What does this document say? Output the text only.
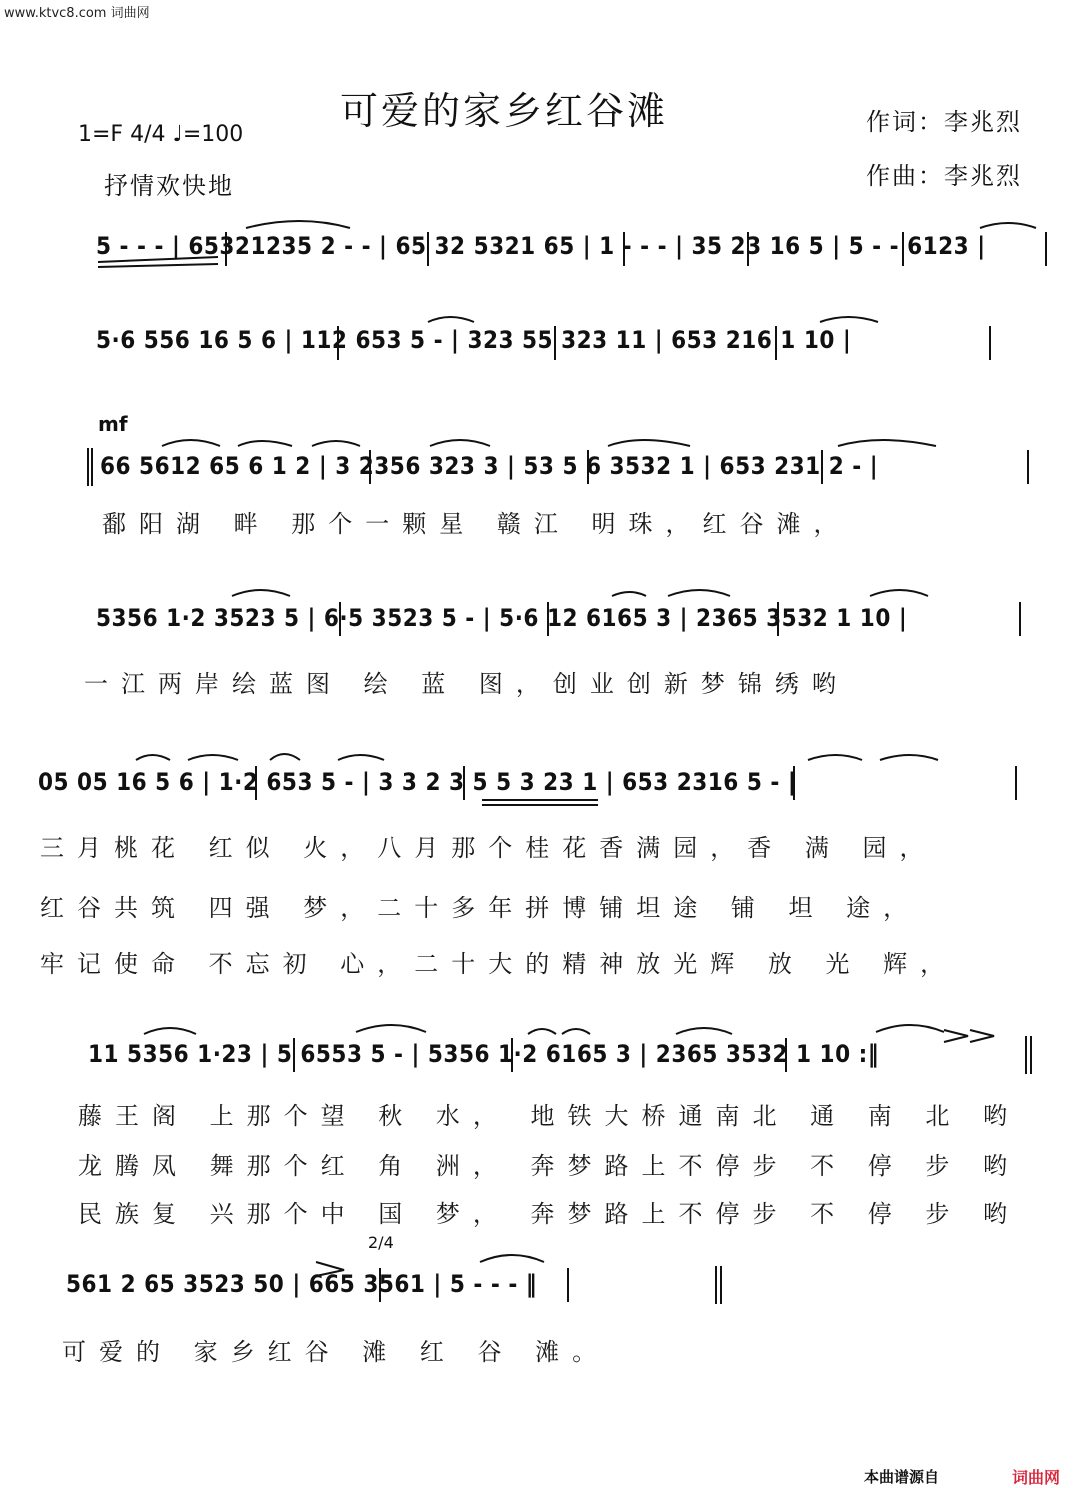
www.ktvc8.com 词曲网
可爱的家乡红谷滩	作词：李兆烈
作曲：李兆烈
1=F 4/4 ♩=100
抒情欢快地
mf
2/4
5 - - - | 65321235 2 - - | 65 32 5321 65 | 1 - - - | 35 23 16 5 | 5 - - 6123 |
5·6 556 16 5 6 | 112 653 5 - | 323 55 323 11 | 653 216 1 10 |
66 5612 65 6 1 2 | 3 2356 323 3 | 53 5 6 3532 1 | 653 231 2 - |
5356 1·2 3523 5 | 6·5 3523 5 - | 5·6 12 6165 3 | 2365 3532 1 10 |
05 05 16 5 6 | 1·2 653 5 - | 3 3 2 3 5 5 3 23 1 | 653 2316 5 - |
11 5356 1·23 | 5 6553 5 - | 5356 1·2 6165 3 | 2365 3532 1 10 :‖
561 2 65 3523 50 | 665 3561 | 5 - - - ‖
鄱阳湖 畔 那个一颗星 赣江 明珠，红谷滩，
一江两岸绘蓝图 绘 蓝 图，创业创新梦锦绣哟
三月桃花 红似 火，八月那个桂花香满园，香 满 园，
红谷共筑 四强 梦，二十多年拼博铺坦途 铺 坦 途，
牢记使命 不忘初 心，二十大的精神放光辉 放 光 辉，
藤王阁 上那个望 秋 水， 地铁大桥通南北 通 南 北 哟
龙腾凤 舞那个红 角 洲， 奔梦路上不停步 不 停 步 哟
民族复 兴那个中 国 梦， 奔梦路上不停步 不 停 步 哟
可爱的 家乡红谷 滩 红 谷 滩。
本曲谱源自	词曲网
